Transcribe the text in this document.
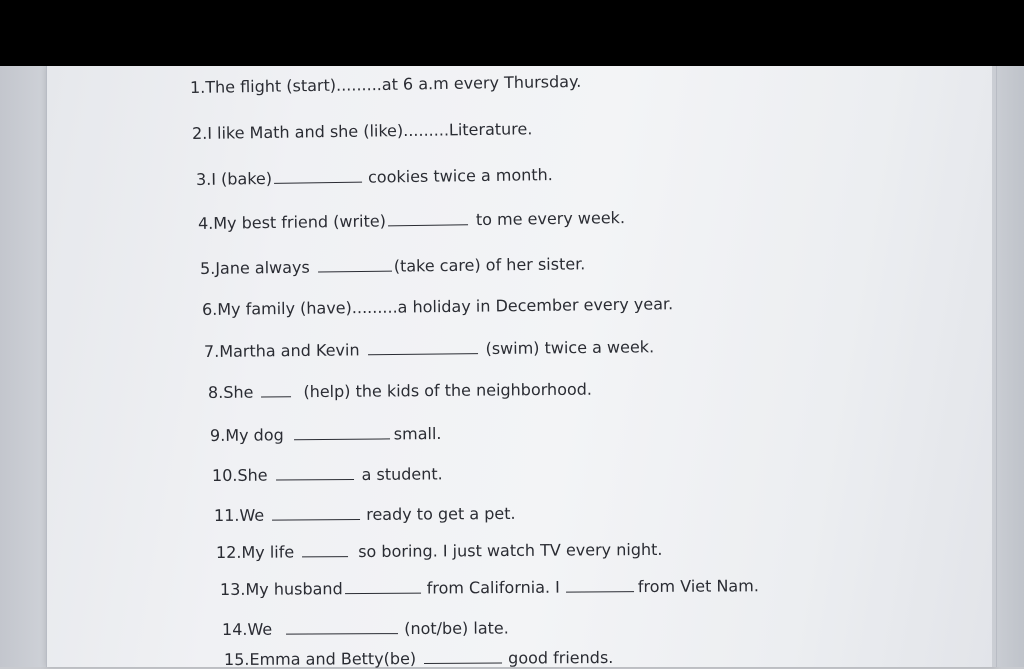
1.The flight (start).........at 6 a.m every Thursday.
2.I like Math and she (like).........Literature.
3.I (bake)	cookies twice a month.
4.My best friend (write)	to me every week.
5.Jane always	(take care) of her sister.
6.My family (have).........a holiday in December every year.
7.Martha and Kevin	(swim) twice a week.
8.She	(help) the kids of the neighborhood.
9.My dog	small.
10.She	a student.
11.We	ready to get a pet.
12.My life	so boring. I just watch TV every night.
13.My husband	from California. I	from Viet Nam.
14.We	(not/be) late.
15.Emma and Betty(be)	good friends.
